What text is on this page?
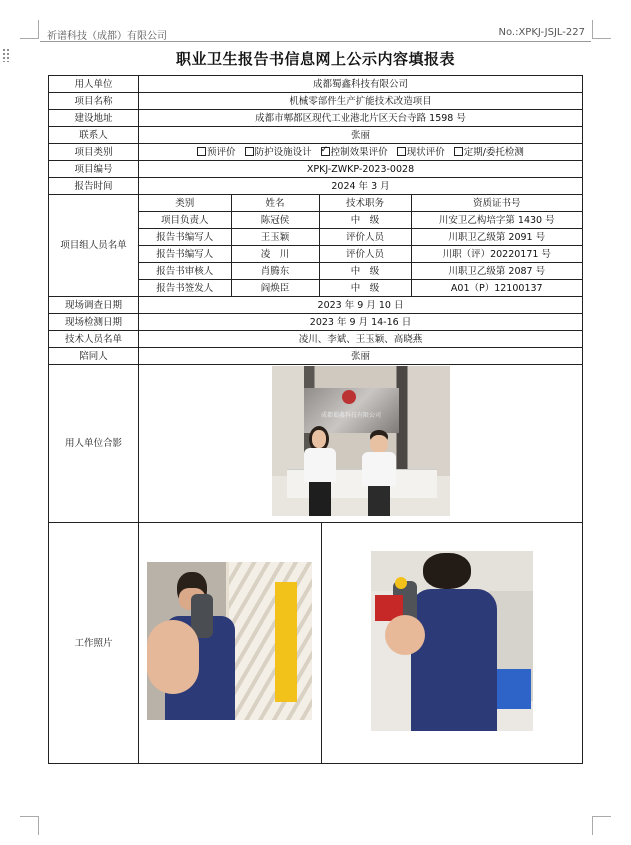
祈谱科技（成都）有限公司	No.:XPKJ-JSJL-227
职业卫生报告书信息网上公示内容填报表
用人单位	成都蜀鑫科技有限公司
项目名称	机械零部件生产扩能技术改造项目
建设地址	成都市郫都区现代工业港北片区天台寺路 1598 号
联系人	张丽
项目类别	预评价 防护设施设计 ✓ 控制效果评价 现状评价 定期/委托检测
项目编号	XPKJ-ZWKP-2023-0028
报告时间	2024 年 3 月
项目组人员名单	
类别	姓名	技术职务	资质证书号
项目负责人	陈冠侯	中　级	川安卫乙构培字第 1430 号
报告书编写人	王玉颖	评价人员	川职卫乙级第 2091 号
报告书编写人	凌　川	评价人员	川职（评）20220171 号
报告书审核人	肖腾东	中　级	川职卫乙级第 2087 号
报告书签发人	阎焕臣	中　级	A01（P）12100137

现场调查日期	2023 年 9 月 10 日
现场检测日期	2023 年 9 月 14-16 日
技术人员名单	凌川、李斌、王玉颖、高晓燕
陪同人	张丽
用人单位合影	
成都蜀鑫科技有限公司

工作照片	
